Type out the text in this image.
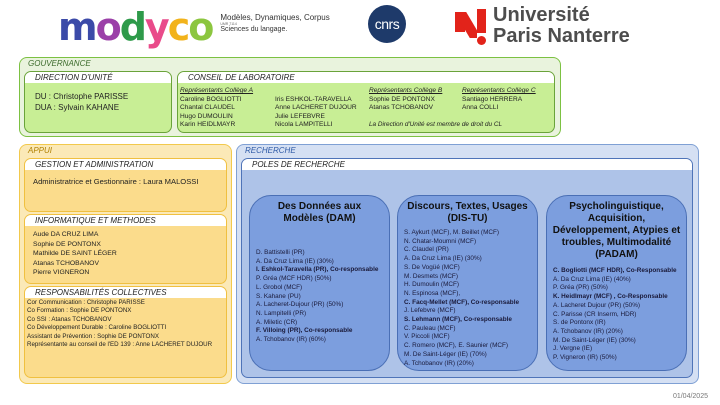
modyco Modèles, Dynamiques, Corpus
UMR 7114
Sciences du langage.	cnrs	Université
Paris Nanterre
GOUVERNANCE
DIRECTION D'UNITÉ
DU : Christophe PARISSE
DUA : Sylvain KAHANE
CONSEIL DE LABORATOIRE
Représentants Collège A
Caroline BOGLIOTTI
Chantal CLAUDEL
Hugo DUMOULIN
Karin HEIDLMAYR
Iris ESHKOL-TARAVELLA
Anne LACHERET DUJOUR
Julie LEFEBVRE
Nicola LAMPITELLI
Représentants Collège B
Sophie DE PONTONX
Atanas TCHOBANOV
Représentants Collège C
Santiago HERRERA
Anna COLLI
La Direction d'Unité est membre de droit du CL
APPUI
GESTION ET ADMINISTRATION
Administratrice et Gestionnaire : Laura MALOSSI
INFORMATIQUE ET METHODES
Aude DA CRUZ LIMA
Sophie DE PONTONX
Mathilde DE SAINT LÉGER
Atanas TCHOBANOV
Pierre VIGNERON
RESPONSABILITÉS COLLECTIVES
Cor Communication : Christophe PARISSE
Co Formation : Sophie DE PONTONX
Co SSI : Atanas TCHOBANOV
Co Développement Durable : Caroline BOGLIOTTI
Assistant de Prévention : Sophie DE PONTONX
Représentante au conseil de l'ED 139 : Anne LACHERET DUJOUR
RECHERCHE
POLES DE RECHERCHE
Des Données aux Modèles (DAM)
D. Battistelli (PR)
A. Da Cruz Lima (IE) (30%)
I. Eshkol-Taravella (PR), Co-responsable
P. Gréa (MCF HDR) (50%)
L. Grobol (MCF)
S. Kahane (PU)
A. Lacheret-Dujour (PR) (50%)
N. Lampitelli (PR)
A. Miletic (CR)
F. Villoing (PR), Co-responsable
A. Tchobanov (IR) (60%)
Discours, Textes, Usages (DIS-TU)
S. Aykurt (MCF), M. Beillet (MCF)
N. Chatar-Moumni (MCF)
C. Claudel (PR)
A. Da Cruz Lima (IE) (30%)
S. De Vogüé (MCF)
M. Desmets (MCF)
H. Dumoulin (MCF)
N. Espinosa (MCF),
C. Facq-Mellet (MCF), Co-responsable
J. Lefebvre (MCF)
S. Lehmann (MCF), Co-responsable
C. Pauleau (MCF)
V. Piccoli (MCF)
C. Romero (MCF), E. Saunier (MCF)
M. De Saint-Léger (IE) (70%)
A. Tchobanov (IR) (20%)
Psycholinguistique, Acquisition, Développement, Atypies et troubles, Multimodalité (PADAM)
C. Bogliotti (MCF HDR), Co-Responsable
A. Da Cruz Lima (IE) (40%)
P. Gréa (PR) (50%)
K. Heidlmayr (MCF) , Co-Responsable
A. Lacheret Dujour (PR) (50%)
C. Parisse (CR Inserm, HDR)
S. de Pontonx (IR)
A. Tchobanov (IR) (20%)
M. De Saint-Léger (IE) (30%)
J. Vergne (IE)
P. Vigneron (IR) (50%)
01/04/2025
